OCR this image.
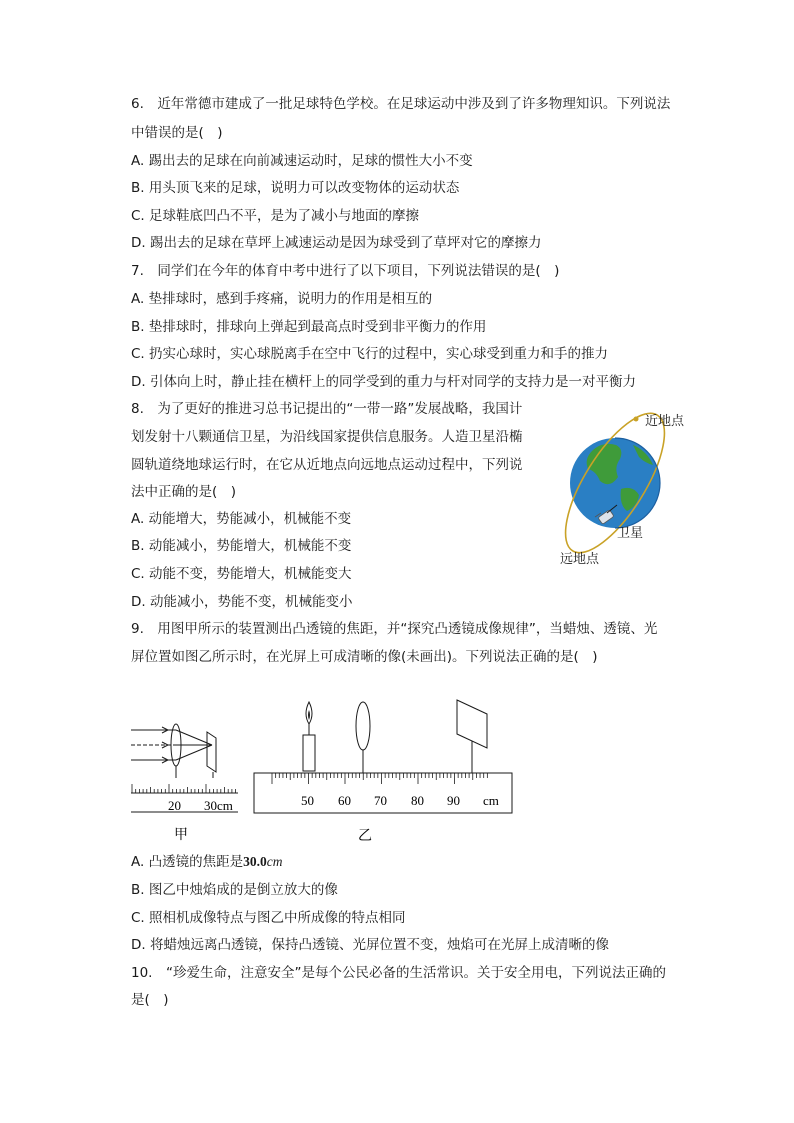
6.　近年常德市建成了一批足球特色学校。在足球运动中涉及到了许多物理知识。下列说法
中错误的是(　)
A. 踢出去的足球在向前减速运动时，足球的惯性大小不变
B. 用头顶飞来的足球，说明力可以改变物体的运动状态
C. 足球鞋底凹凸不平，是为了减小与地面的摩擦
D. 踢出去的足球在草坪上减速运动是因为球受到了草坪对它的摩擦力
7.　同学们在今年的体育中考中进行了以下项目，下列说法错误的是(　)
A. 垫排球时，感到手疼痛，说明力的作用是相互的
B. 垫排球时，排球向上弹起到最高点时受到非平衡力的作用
C. 扔实心球时，实心球脱离手在空中飞行的过程中，实心球受到重力和手的推力
D. 引体向上时，静止挂在横杆上的同学受到的重力与杆对同学的支持力是一对平衡力
8.　为了更好的推进习总书记提出的“一带一路”发展战略，我国计
划发射十八颗通信卫星，为沿线国家提供信息服务。人造卫星沿椭
圆轨道绕地球运行时，在它从近地点向远地点运动过程中，下列说
法中正确的是(　)
A. 动能增大，势能减小，机械能不变
B. 动能减小，势能增大，机械能不变
C. 动能不变，势能增大，机械能变大
D. 动能减小，势能不变，机械能变小
近地点
卫星
远地点
9.　用图甲所示的装置测出凸透镜的焦距，并“探究凸透镜成像规律”，当蜡烛、透镜、光
屏位置如图乙所示时，在光屏上可成清晰的像(未画出)。下列说法正确的是(　)
20 30cm
甲
50 60 70 80 90 cm
乙
A. 凸透镜的焦距是30.0cm
B. 图乙中烛焰成的是倒立放大的像
C. 照相机成像特点与图乙中所成像的特点相同
D. 将蜡烛远离凸透镜，保持凸透镜、光屏位置不变，烛焰可在光屏上成清晰的像
10.　“珍爱生命，注意安全”是每个公民必备的生活常识。关于安全用电，下列说法正确的
是(　)
